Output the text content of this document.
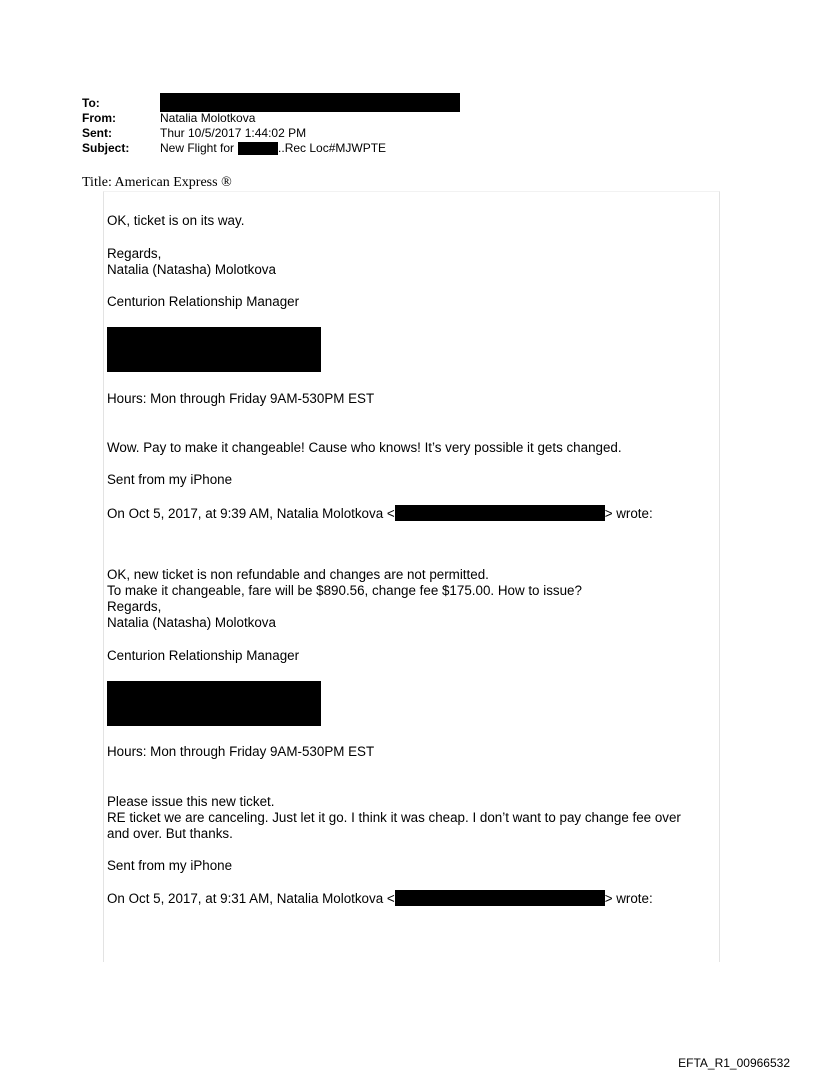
To:
From:	Natalia Molotkova
Sent:	Thur 10/5/2017 1:44:02 PM
Subject:	New Flight for	..Rec Loc#MJWPTE
Title: American Express ®
OK, ticket is on its way.
Regards,
Natalia (Natasha) Molotkova
Centurion Relationship Manager
Hours: Mon through Friday 9AM-530PM EST
Wow. Pay to make it changeable! Cause who knows! It’s very possible it gets changed.
Sent from my iPhone
On Oct 5, 2017, at 9:39 AM, Natalia Molotkova <	> wrote:
OK, new ticket is non refundable and changes are not permitted.
To make it changeable, fare will be $890.56, change fee $175.00. How to issue?
Regards,
Natalia (Natasha) Molotkova
Centurion Relationship Manager
Hours: Mon through Friday 9AM-530PM EST
Please issue this new ticket.
RE ticket we are canceling. Just let it go. I think it was cheap. I don’t want to pay change fee over
and over. But thanks.
Sent from my iPhone
On Oct 5, 2017, at 9:31 AM, Natalia Molotkova <	> wrote:
EFTA_R1_00966532
